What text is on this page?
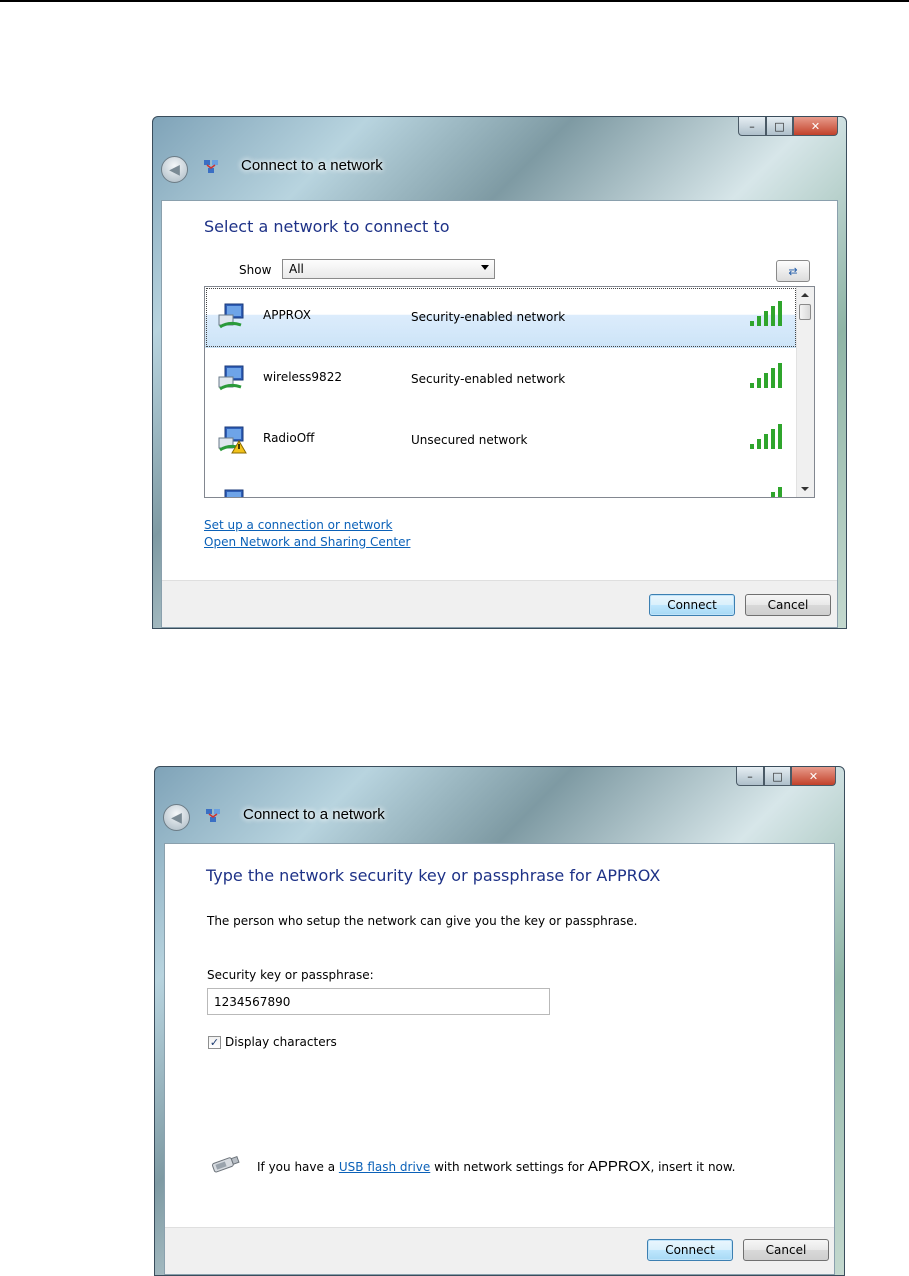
–	□	✕
◀	Connect to a network
Select a network to connect to
Show All	⇄
APPROX	Security-enabled network
wireless9822	Security-enabled network
RadioOff	Unsecured network
Set up a connection or network
Open Network and Sharing Center
Connect	Cancel
–	□	✕
◀	Connect to a network
Type the network security key or passphrase for APPROX
The person who setup the network can give you the key or passphrase.
Security key or passphrase:
1234567890
✓ Display characters
If you have a USB flash drive with network settings for APPROX, insert it now.
Connect	Cancel
